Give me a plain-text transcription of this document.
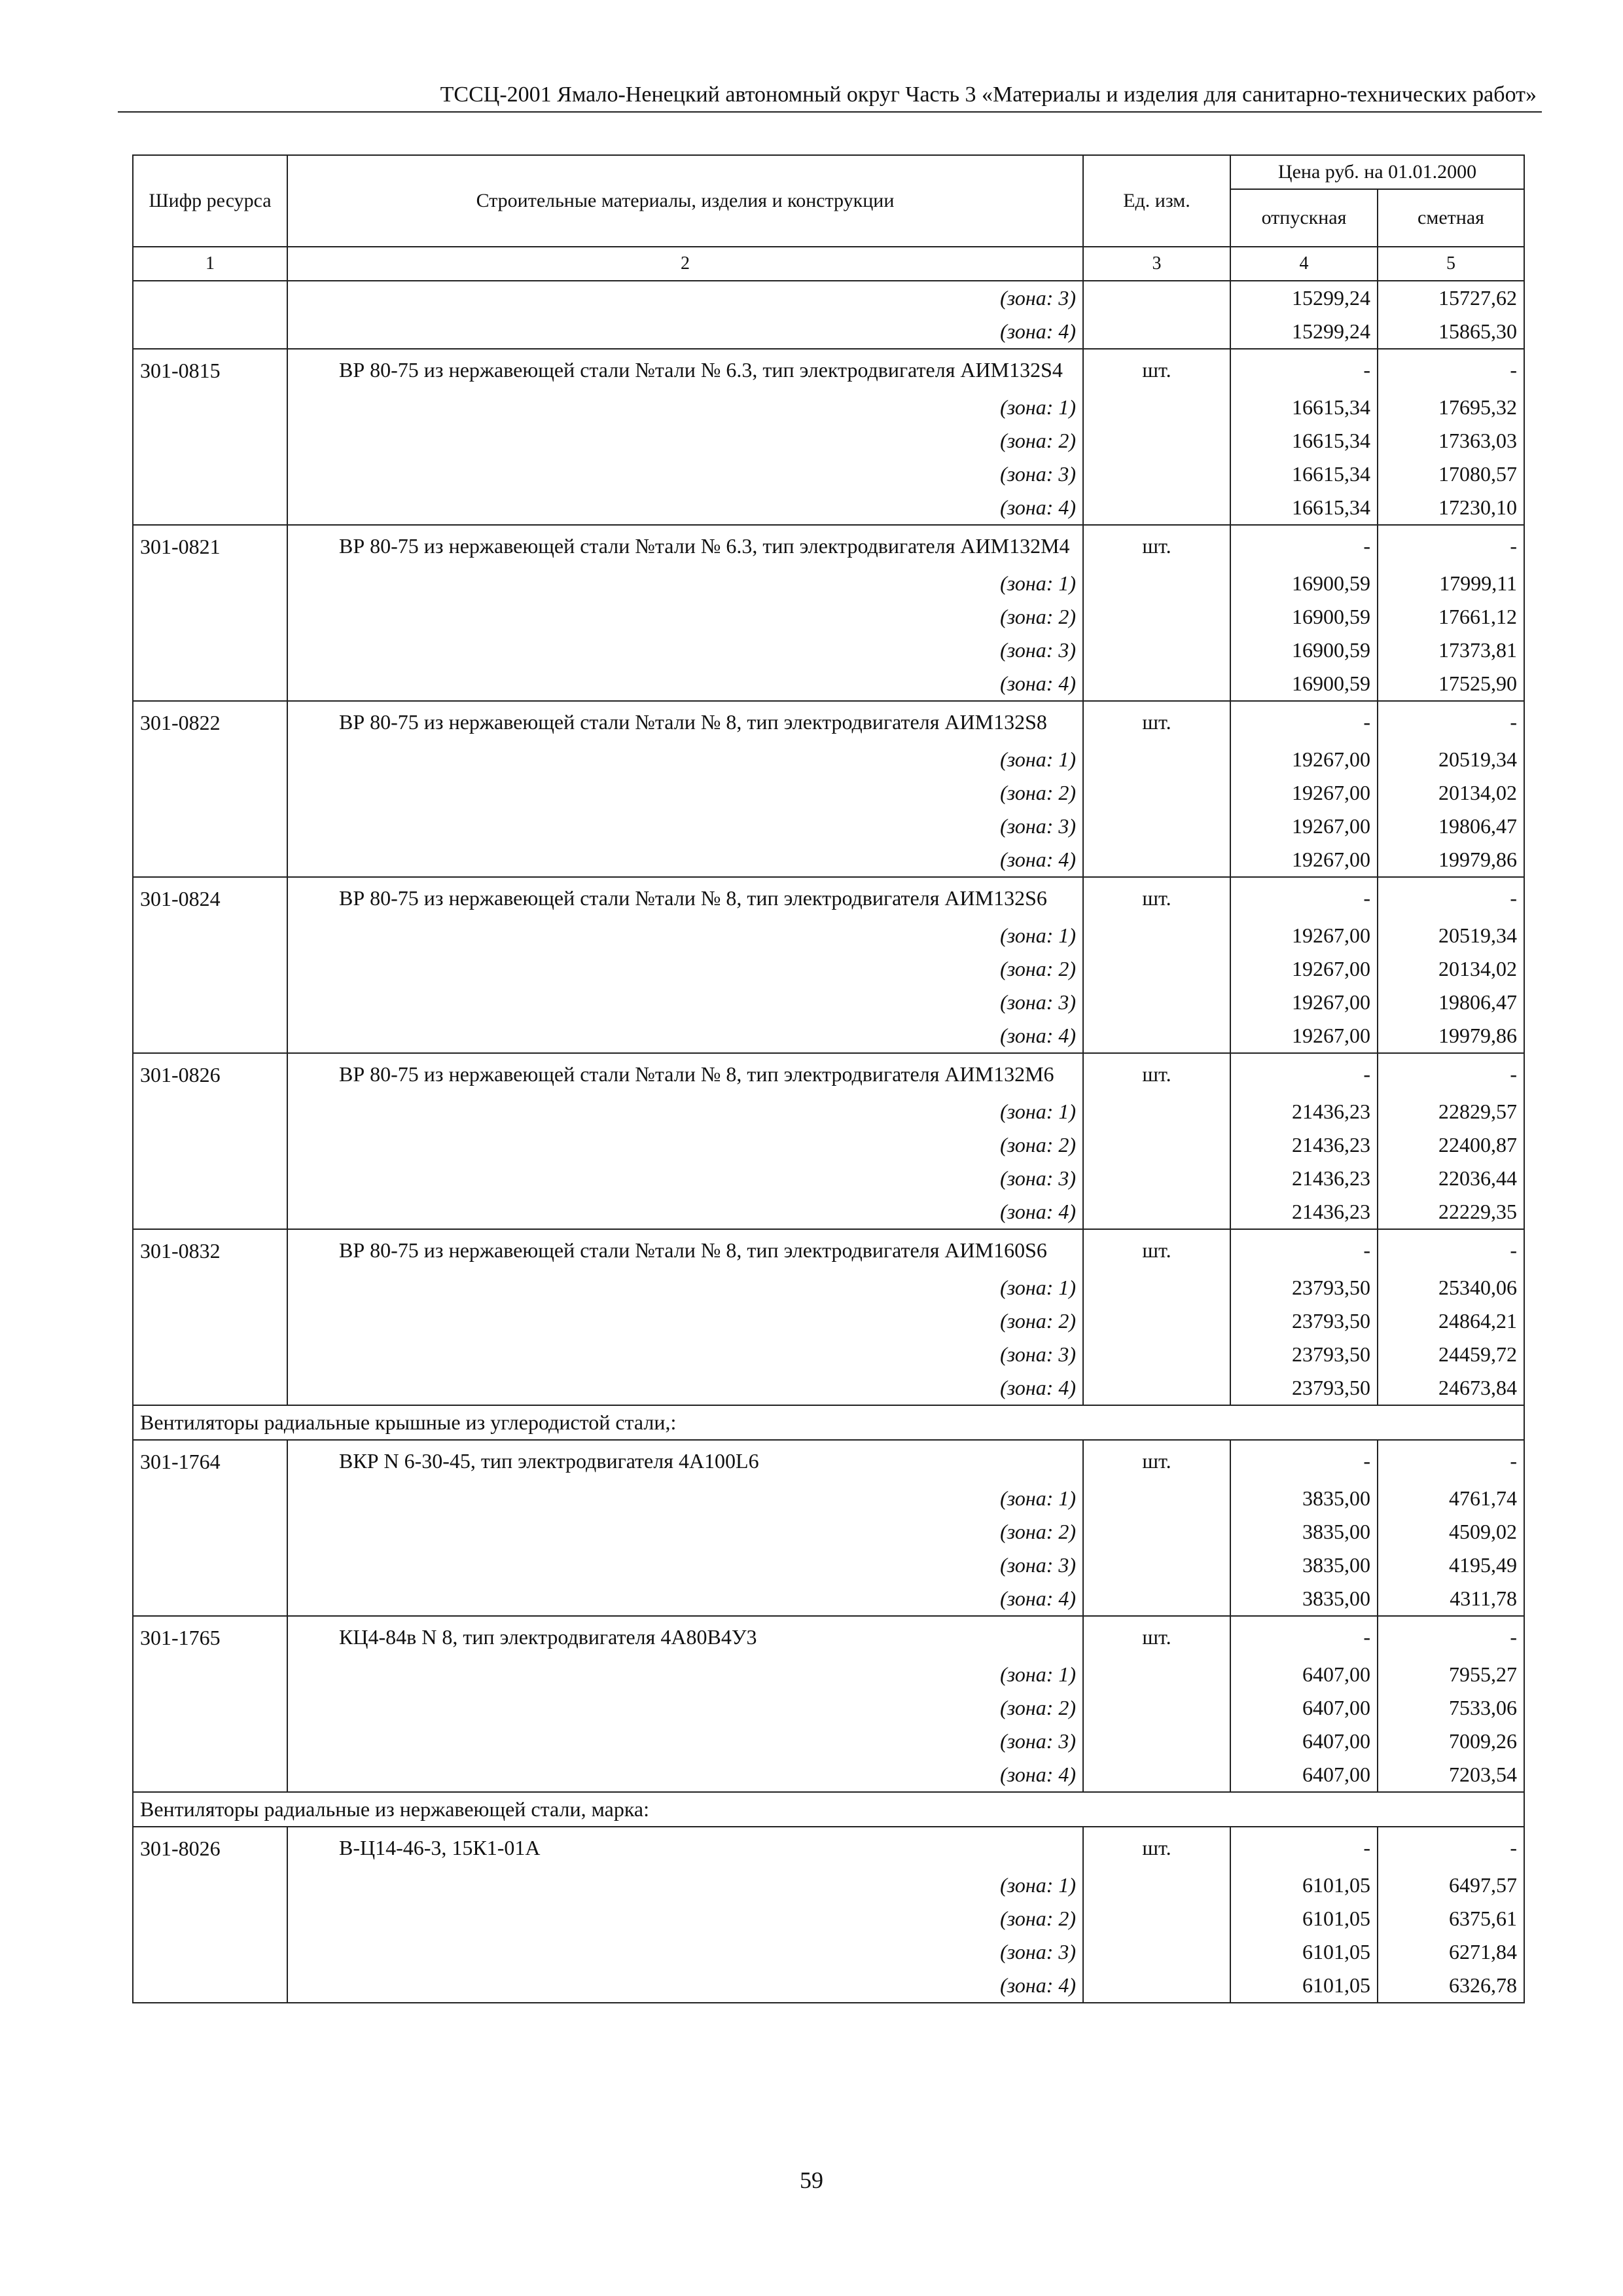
ТССЦ-2001 Ямало-Ненецкий автономный округ Часть 3 «Материалы и изделия для санитарно-технических работ»
Шифр ресурса	Строительные материалы, изделия и конструкции	Ед. изм.	Цена руб. на 01.01.2000	
			отпускная	сметная
1	2	3	4	5
	(зона: 3)		15299,24	15727,62
	(зона: 4)		15299,24	15865,30
301-0815	ВР 80-75 из нержавеющей стали №тали № 6.3, тип электродвигателя АИМ132S4	шт.	-	-
	(зона: 1)		16615,34	17695,32
	(зона: 2)		16615,34	17363,03
	(зона: 3)		16615,34	17080,57
	(зона: 4)		16615,34	17230,10
301-0821	ВР 80-75 из нержавеющей стали №тали № 6.3, тип электродвигателя АИМ132М4	шт.	-	-
	(зона: 1)		16900,59	17999,11
	(зона: 2)		16900,59	17661,12
	(зона: 3)		16900,59	17373,81
	(зона: 4)		16900,59	17525,90
301-0822	ВР 80-75 из нержавеющей стали №тали № 8, тип электродвигателя АИМ132S8	шт.	-	-
	(зона: 1)		19267,00	20519,34
	(зона: 2)		19267,00	20134,02
	(зона: 3)		19267,00	19806,47
	(зона: 4)		19267,00	19979,86
301-0824	ВР 80-75 из нержавеющей стали №тали № 8, тип электродвигателя АИМ132S6	шт.	-	-
	(зона: 1)		19267,00	20519,34
	(зона: 2)		19267,00	20134,02
	(зона: 3)		19267,00	19806,47
	(зона: 4)		19267,00	19979,86
301-0826	ВР 80-75 из нержавеющей стали №тали № 8, тип электродвигателя АИМ132М6	шт.	-	-
	(зона: 1)		21436,23	22829,57
	(зона: 2)		21436,23	22400,87
	(зона: 3)		21436,23	22036,44
	(зона: 4)		21436,23	22229,35
301-0832	ВР 80-75 из нержавеющей стали №тали № 8, тип электродвигателя АИМ160S6	шт.	-	-
	(зона: 1)		23793,50	25340,06
	(зона: 2)		23793,50	24864,21
	(зона: 3)		23793,50	24459,72
	(зона: 4)		23793,50	24673,84
Вентиляторы радиальные крышные из углеродистой стали,:				
301-1764	ВКР N 6-30-45, тип электродвигателя 4А100L6	шт.	-	-
	(зона: 1)		3835,00	4761,74
	(зона: 2)		3835,00	4509,02
	(зона: 3)		3835,00	4195,49
	(зона: 4)		3835,00	4311,78
301-1765	КЦ4-84в N 8, тип электродвигателя 4А80В4У3	шт.	-	-
	(зона: 1)		6407,00	7955,27
	(зона: 2)		6407,00	7533,06
	(зона: 3)		6407,00	7009,26
	(зона: 4)		6407,00	7203,54
Вентиляторы радиальные из нержавеющей стали, марка:				
301-8026	В-Ц14-46-3, 15К1-01А	шт.	-	-
	(зона: 1)		6101,05	6497,57
	(зона: 2)		6101,05	6375,61
	(зона: 3)		6101,05	6271,84
	(зона: 4)		6101,05	6326,78
59
